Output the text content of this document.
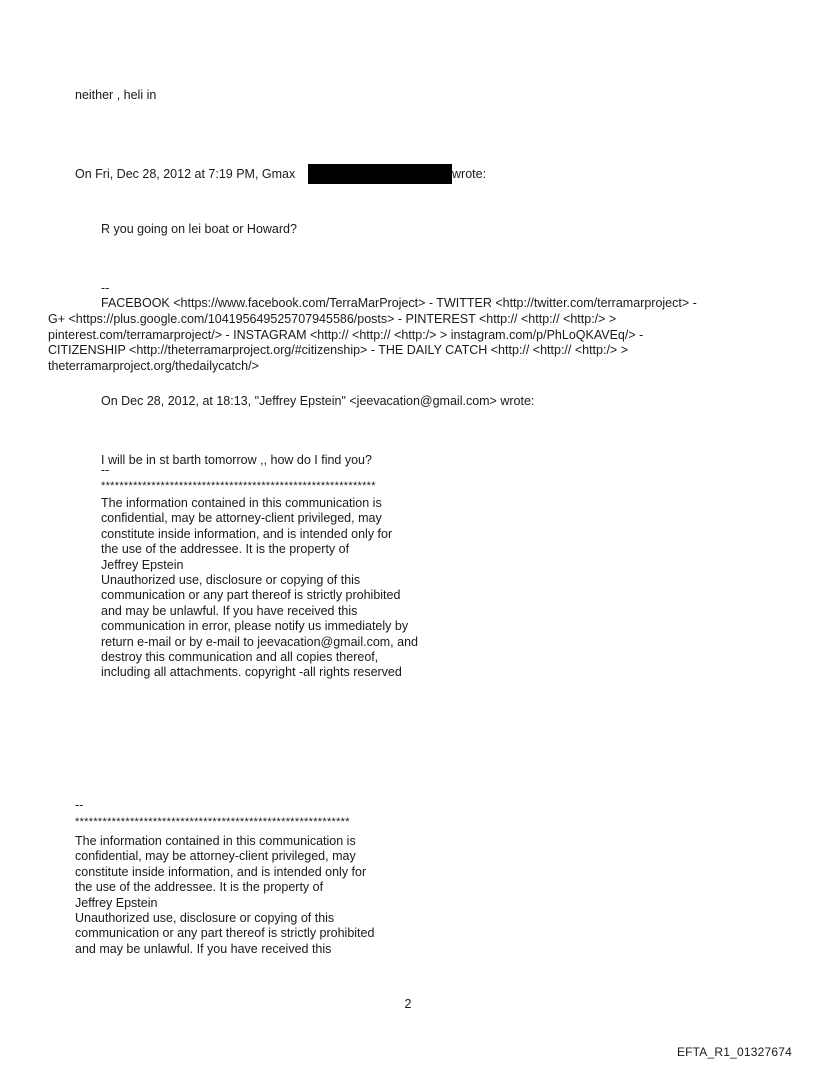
neither , heli in
On Fri, Dec 28, 2012 at 7:19 PM, Gmax	wrote:
R you going on lei boat or Howard?
--
FACEBOOK <https://www.facebook.com/TerraMarProject> - TWITTER <http://twitter.com/terramarproject> -
G+ <https://plus.google.com/104195649525707945586/posts> - PINTEREST <http:// <http:// <http:/> >
pinterest.com/terramarproject/> - INSTAGRAM <http:// <http:// <http:/> > instagram.com/p/PhLoQKAVEq/> -
CITIZENSHIP <http://theterramarproject.org/#citizenship> - THE DAILY CATCH <http:// <http:// <http:/> >
theterramarproject.org/thedailycatch/>
On Dec 28, 2012, at 18:13, "Jeffrey Epstein" <jeevacation@gmail.com> wrote:
I will be in st barth tomorrow ,, how do I find you?
--
************************************************************
The information contained in this communication is
confidential, may be attorney-client privileged, may
constitute inside information, and is intended only for
the use of the addressee. It is the property of
Jeffrey Epstein
Unauthorized use, disclosure or copying of this
communication or any part thereof is strictly prohibited
and may be unlawful. If you have received this
communication in error, please notify us immediately by
return e-mail or by e-mail to jeevacation@gmail.com, and
destroy this communication and all copies thereof,
including all attachments. copyright -all rights reserved
--
************************************************************
The information contained in this communication is
confidential, may be attorney-client privileged, may
constitute inside information, and is intended only for
the use of the addressee. It is the property of
Jeffrey Epstein
Unauthorized use, disclosure or copying of this
communication or any part thereof is strictly prohibited
and may be unlawful. If you have received this
2
EFTA_R1_01327674
